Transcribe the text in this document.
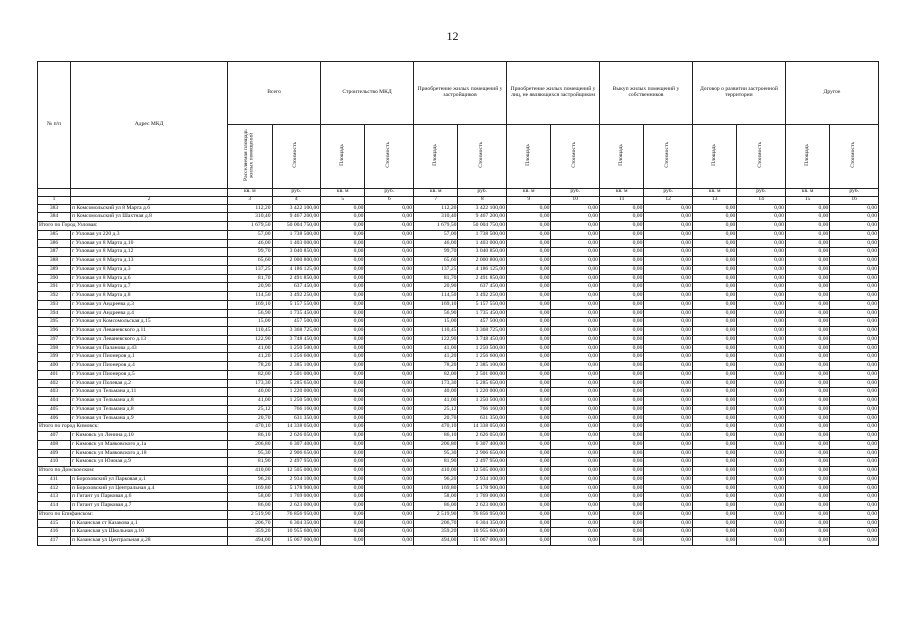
12
№ п/п	Адрес МКД	Всего		Строительство МКД		Приобретение жилых помещений у застройщиков		Приобретение жилых помещений у лиц, не являющихся застройщиком		Выкуп жилых помещений у собственников		Договор о развитии застроенной территории		Другое	
		Расселяемая площадь жилых помещений	Стоимость	Площадь	Стоимость	Площадь	Стоимость	Площадь	Стоимость	Площадь	Стоимость	Площадь	Стоимость	Площадь	Стоимость
		кв. м	руб.	кв. м	руб.	кв. м	руб.	кв. м	руб.	кв. м	руб.	кв. м	руб.	кв. м	руб.
1	2	3	4	5	6	7	8	9	10	11	12	13	14	15	16
383	п Комсомольский ул 8 Марта д.6	112,20	3 422 100,00	0,00	0,00	112,20	3 422 100,00	0,00	0,00	0,00	0,00	0,00	0,00	0,00	0,00
384	п Комсомольский ул Шахтная д.8	310,40	9 467 200,00	0,00	0,00	310,40	9 467 200,00	0,00	0,00	0,00	0,00	0,00	0,00	0,00	0,00
Итого по Город Узловая:		1 679,50	50 004 750,00	0,00	0,00	1 679,50	50 004 750,00	0,00	0,00	0,00	0,00	0,00	0,00	0,00	0,00
385	г Узловая ул 220 д.3	57,00	1 738 500,00	0,00	0,00	57,00	1 738 500,00	0,00	0,00	0,00	0,00	0,00	0,00	0,00	0,00
386	г Узловая ул 8 Марта д.10	46,00	1 403 000,00	0,00	0,00	46,00	1 403 000,00	0,00	0,00	0,00	0,00	0,00	0,00	0,00	0,00
387	г Узловая ул 8 Марта д.12	99,70	3 040 850,00	0,00	0,00	99,70	3 040 850,00	0,00	0,00	0,00	0,00	0,00	0,00	0,00	0,00
388	г Узловая ул 8 Марта д.13	65,60	2 000 800,00	0,00	0,00	65,60	2 000 800,00	0,00	0,00	0,00	0,00	0,00	0,00	0,00	0,00
389	г Узловая ул 8 Марта д.3	137,25	4 186 125,00	0,00	0,00	137,25	4 186 125,00	0,00	0,00	0,00	0,00	0,00	0,00	0,00	0,00
390	г Узловая ул 8 Марта д.6	81,70	2 491 850,00	0,00	0,00	81,70	2 491 850,00	0,00	0,00	0,00	0,00	0,00	0,00	0,00	0,00
391	г Узловая ул 8 Марта д.7	20,90	637 450,00	0,00	0,00	20,90	637 450,00	0,00	0,00	0,00	0,00	0,00	0,00	0,00	0,00
392	г Узловая ул 8 Марта д.8	114,50	3 492 250,00	0,00	0,00	114,50	3 492 250,00	0,00	0,00	0,00	0,00	0,00	0,00	0,00	0,00
393	г Узловая ул Андреева д.3	169,10	5 157 550,00	0,00	0,00	169,10	5 157 550,00	0,00	0,00	0,00	0,00	0,00	0,00	0,00	0,00
394	г Узловая ул Андреева д.4	56,90	1 735 450,00	0,00	0,00	56,90	1 735 450,00	0,00	0,00	0,00	0,00	0,00	0,00	0,00	0,00
395	г Узловая ул Комсомольская д.15	15,00	457 500,00	0,00	0,00	15,00	457 500,00	0,00	0,00	0,00	0,00	0,00	0,00	0,00	0,00
396	г Узловая ул Леваневского д.11	110,45	3 368 725,00	0,00	0,00	110,45	3 368 725,00	0,00	0,00	0,00	0,00	0,00	0,00	0,00	0,00
397	г Узловая ул Леваневского д.13	122,90	3 748 450,00	0,00	0,00	122,90	3 748 450,00	0,00	0,00	0,00	0,00	0,00	0,00	0,00	0,00
398	г Узловая ул Паланова д.43	41,00	1 250 500,00	0,00	0,00	41,00	1 250 500,00	0,00	0,00	0,00	0,00	0,00	0,00	0,00	0,00
399	г Узловая ул Пионеров д.1	41,20	1 256 600,00	0,00	0,00	41,20	1 256 600,00	0,00	0,00	0,00	0,00	0,00	0,00	0,00	0,00
400	г Узловая ул Пионеров д.4	78,20	2 385 100,00	0,00	0,00	78,20	2 385 100,00	0,00	0,00	0,00	0,00	0,00	0,00	0,00	0,00
401	г Узловая ул Пионеров д.5	82,00	2 501 000,00	0,00	0,00	82,00	2 501 000,00	0,00	0,00	0,00	0,00	0,00	0,00	0,00	0,00
402	г Узловая ул Полевая д.2	173,30	5 285 650,00	0,00	0,00	173,30	5 285 650,00	0,00	0,00	0,00	0,00	0,00	0,00	0,00	0,00
403	г Узловая ул Тельмана д.11	40,00	1 220 000,00	0,00	0,00	40,00	1 220 000,00	0,00	0,00	0,00	0,00	0,00	0,00	0,00	0,00
404	г Узловая ул Тельмана д.8	41,00	1 250 500,00	0,00	0,00	41,00	1 250 500,00	0,00	0,00	0,00	0,00	0,00	0,00	0,00	0,00
405	г Узловая ул Тельмана д.8	25,12	766 160,00	0,00	0,00	25,12	766 160,00	0,00	0,00	0,00	0,00	0,00	0,00	0,00	0,00
406	г Узловая ул Тельмана д.9	20,70	631 350,00	0,00	0,00	20,70	631 350,00	0,00	0,00	0,00	0,00	0,00	0,00	0,00	0,00
Итого по город Кимовск:		470,10	14 338 050,00	0,00	0,00	470,10	14 338 050,00	0,00	0,00	0,00	0,00	0,00	0,00	0,00	0,00
407	г Кимовск ул Ленина д.10	86,10	2 626 050,00	0,00	0,00	86,10	2 626 050,00	0,00	0,00	0,00	0,00	0,00	0,00	0,00	0,00
408	г Кимовск ул Маяковского д.1а	206,80	6 307 400,00	0,00	0,00	206,80	6 307 400,00	0,00	0,00	0,00	0,00	0,00	0,00	0,00	0,00
409	г Кимовск ул Маяковского д.18	95,30	2 906 650,00	0,00	0,00	95,30	2 906 650,00	0,00	0,00	0,00	0,00	0,00	0,00	0,00	0,00
410	г Кимовск ул Южная д.9	81,90	2 497 950,00	0,00	0,00	81,90	2 497 950,00	0,00	0,00	0,00	0,00	0,00	0,00	0,00	0,00
Итого по Донскоеском:		410,00	12 505 000,00	0,00	0,00	410,00	12 505 000,00	0,00	0,00	0,00	0,00	0,00	0,00	0,00	0,00
411	п Бороховский ул Парковая д.1	96,20	2 934 100,00	0,00	0,00	96,20	2 934 100,00	0,00	0,00	0,00	0,00	0,00	0,00	0,00	0,00
412	п Бороховский ул Центральная д.4	169,80	5 178 900,00	0,00	0,00	169,80	5 178 900,00	0,00	0,00	0,00	0,00	0,00	0,00	0,00	0,00
413	п Гигант ул Парковая д.6	58,00	1 769 000,00	0,00	0,00	58,00	1 769 000,00	0,00	0,00	0,00	0,00	0,00	0,00	0,00	0,00
414	п Гигант ул Парковая д.7	86,00	2 623 000,00	0,00	0,00	86,00	2 623 000,00	0,00	0,00	0,00	0,00	0,00	0,00	0,00	0,00
Итого по Епифанском:		2 519,90	76 856 950,00	0,00	0,00	2 519,90	76 856 950,00	0,00	0,00	0,00	0,00	0,00	0,00	0,00	0,00
415	п Казанская ст Казакова д.1	206,70	6 304 350,00	0,00	0,00	206,70	6 304 350,00	0,00	0,00	0,00	0,00	0,00	0,00	0,00	0,00
416	п Казанская ул Школьная д.10	359,20	10 955 600,00	0,00	0,00	359,20	10 955 600,00	0,00	0,00	0,00	0,00	0,00	0,00	0,00	0,00
417	п Казанская ул Центральная д.28	494,00	15 067 000,00	0,00	0,00	494,00	15 067 000,00	0,00	0,00	0,00	0,00	0,00	0,00	0,00	0,00
